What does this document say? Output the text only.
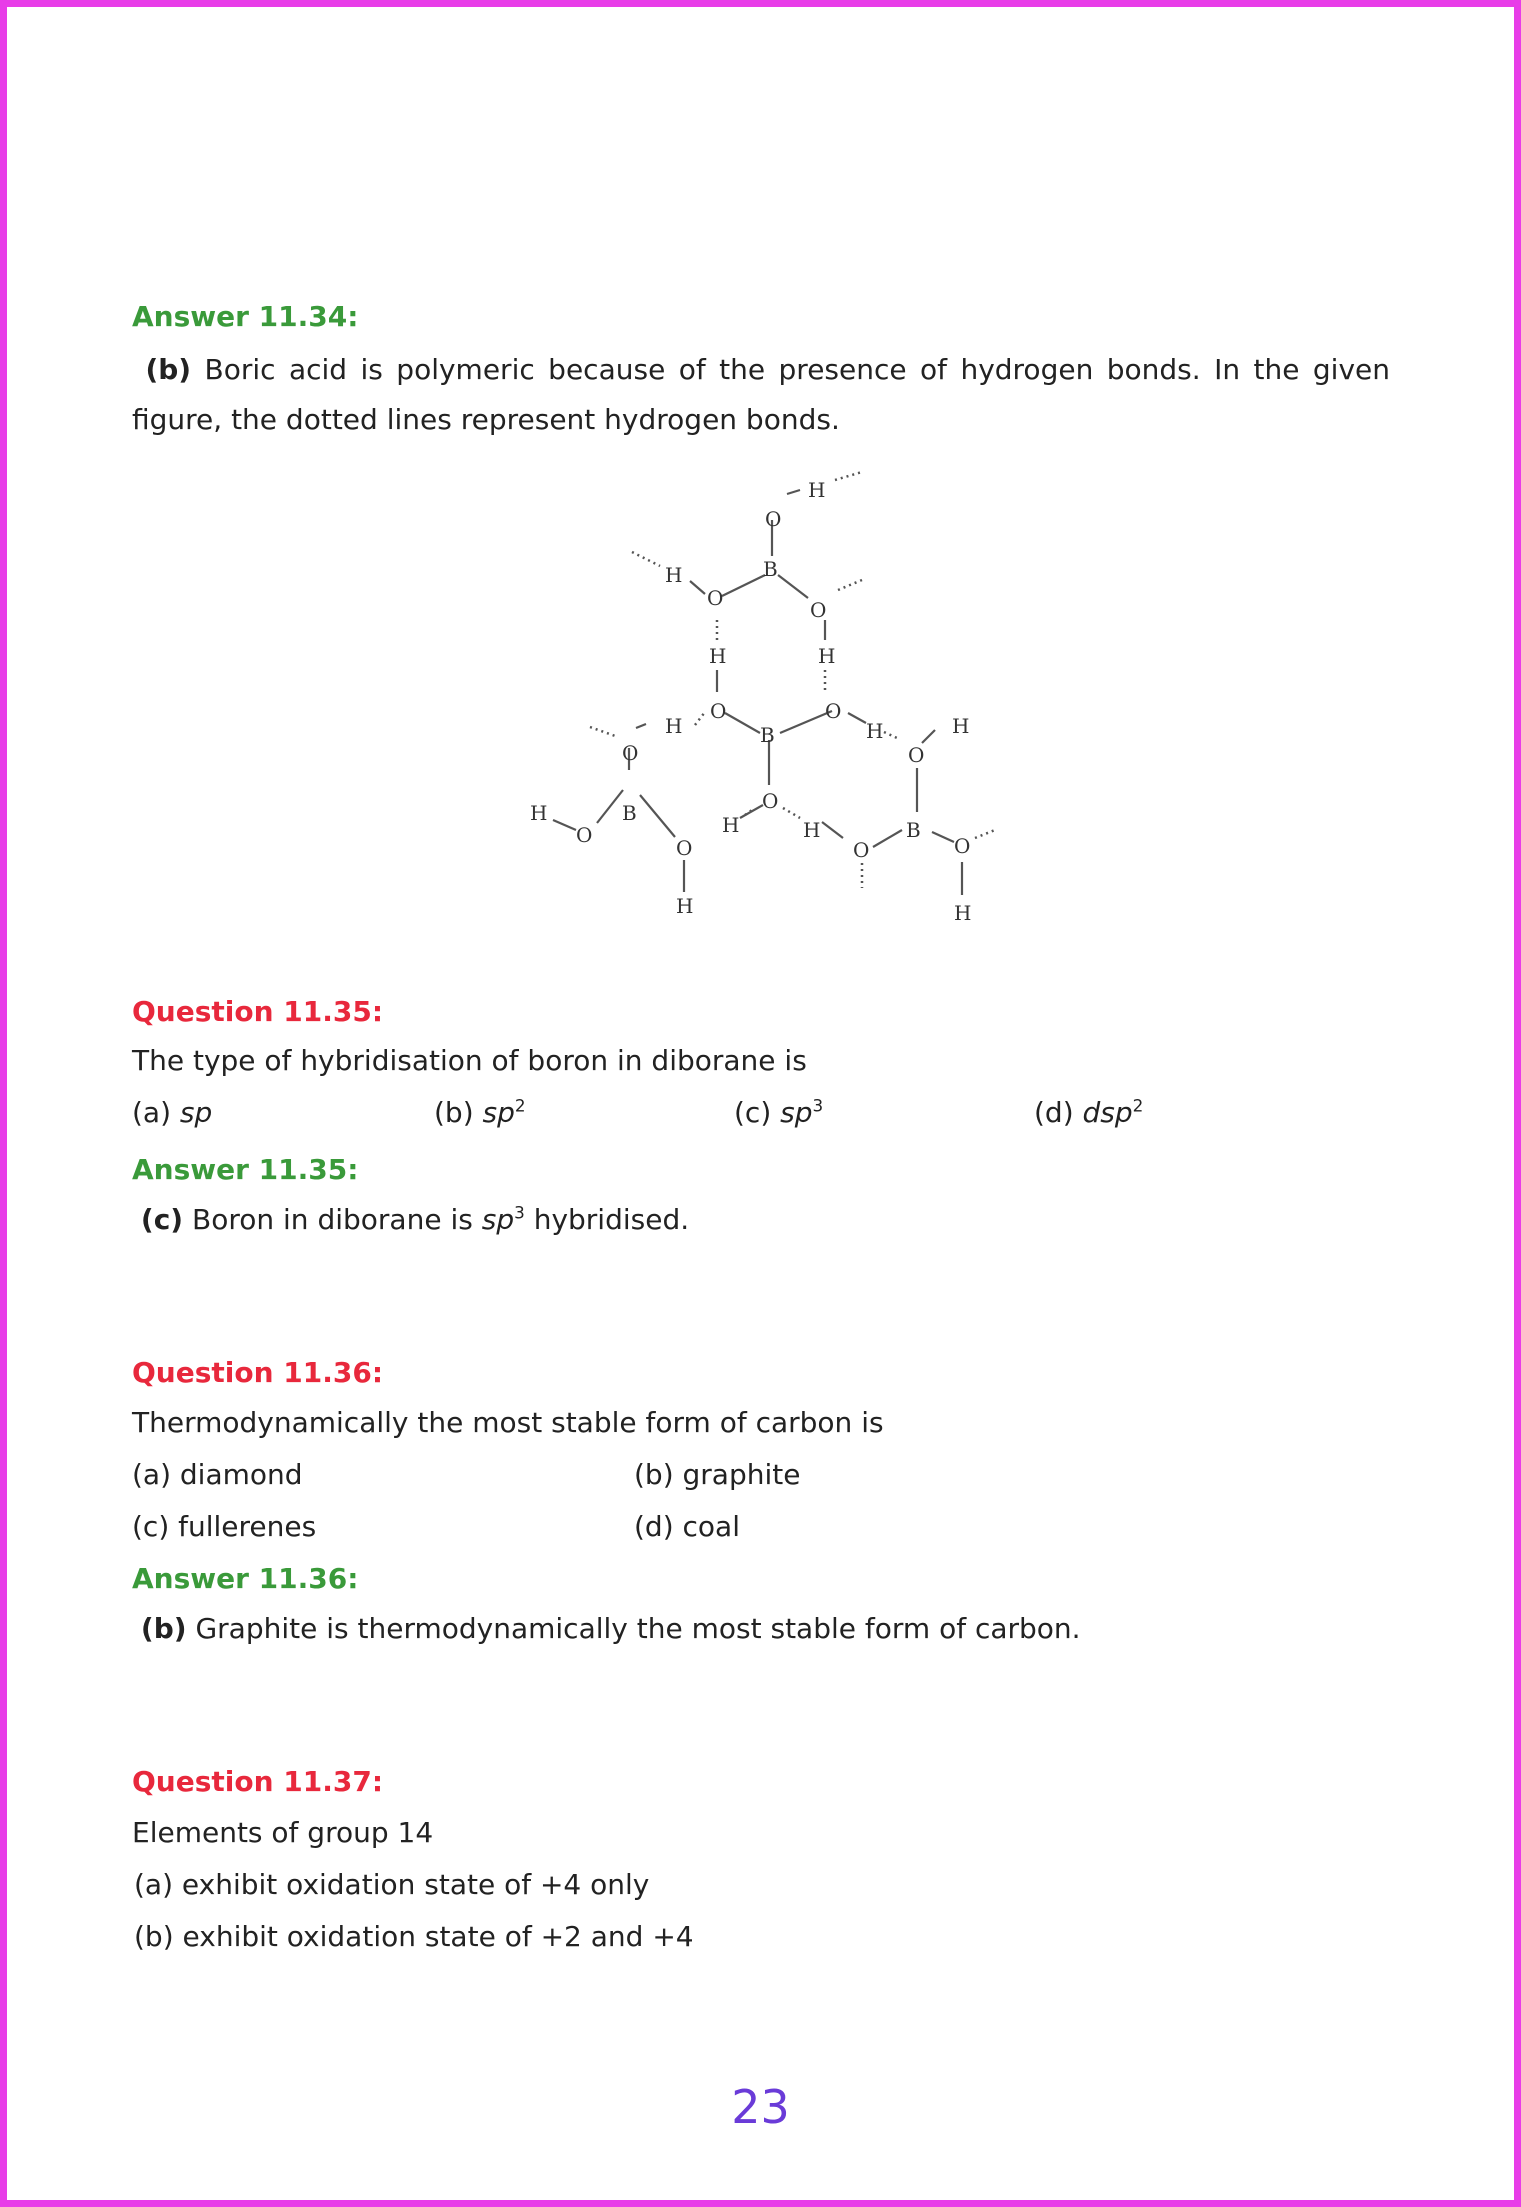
Answer 11.34:
(b) Boric acid is polymeric because of the presence of hydrogen bonds. In the given figure, the dotted lines represent hydrogen bonds.
H
O
B
H
O	O
H	H
O	O
H	B	H	H
O	O
B	O
H	H	B
H
O
O	O	O
H	H
Question 11.35:
The type of hybridisation of boron in diborane is
(a) sp	(b) $sp^2$	(c) $sp^3$	(d) dsp$^2$
Answer 11.35:
(c) Boron in diborane is $sp^3$ hybridised.
Question 11.36:
Thermodynamically the most stable form of carbon is
(a) diamond	(b) graphite
(c) fullerenes	(d) coal
Answer 11.36:
(b) Graphite is thermodynamically the most stable form of carbon.
Question 11.37:
Elements of group 14
(a) exhibit oxidation state of +4 only
(b) exhibit oxidation state of +2 and +4
23
